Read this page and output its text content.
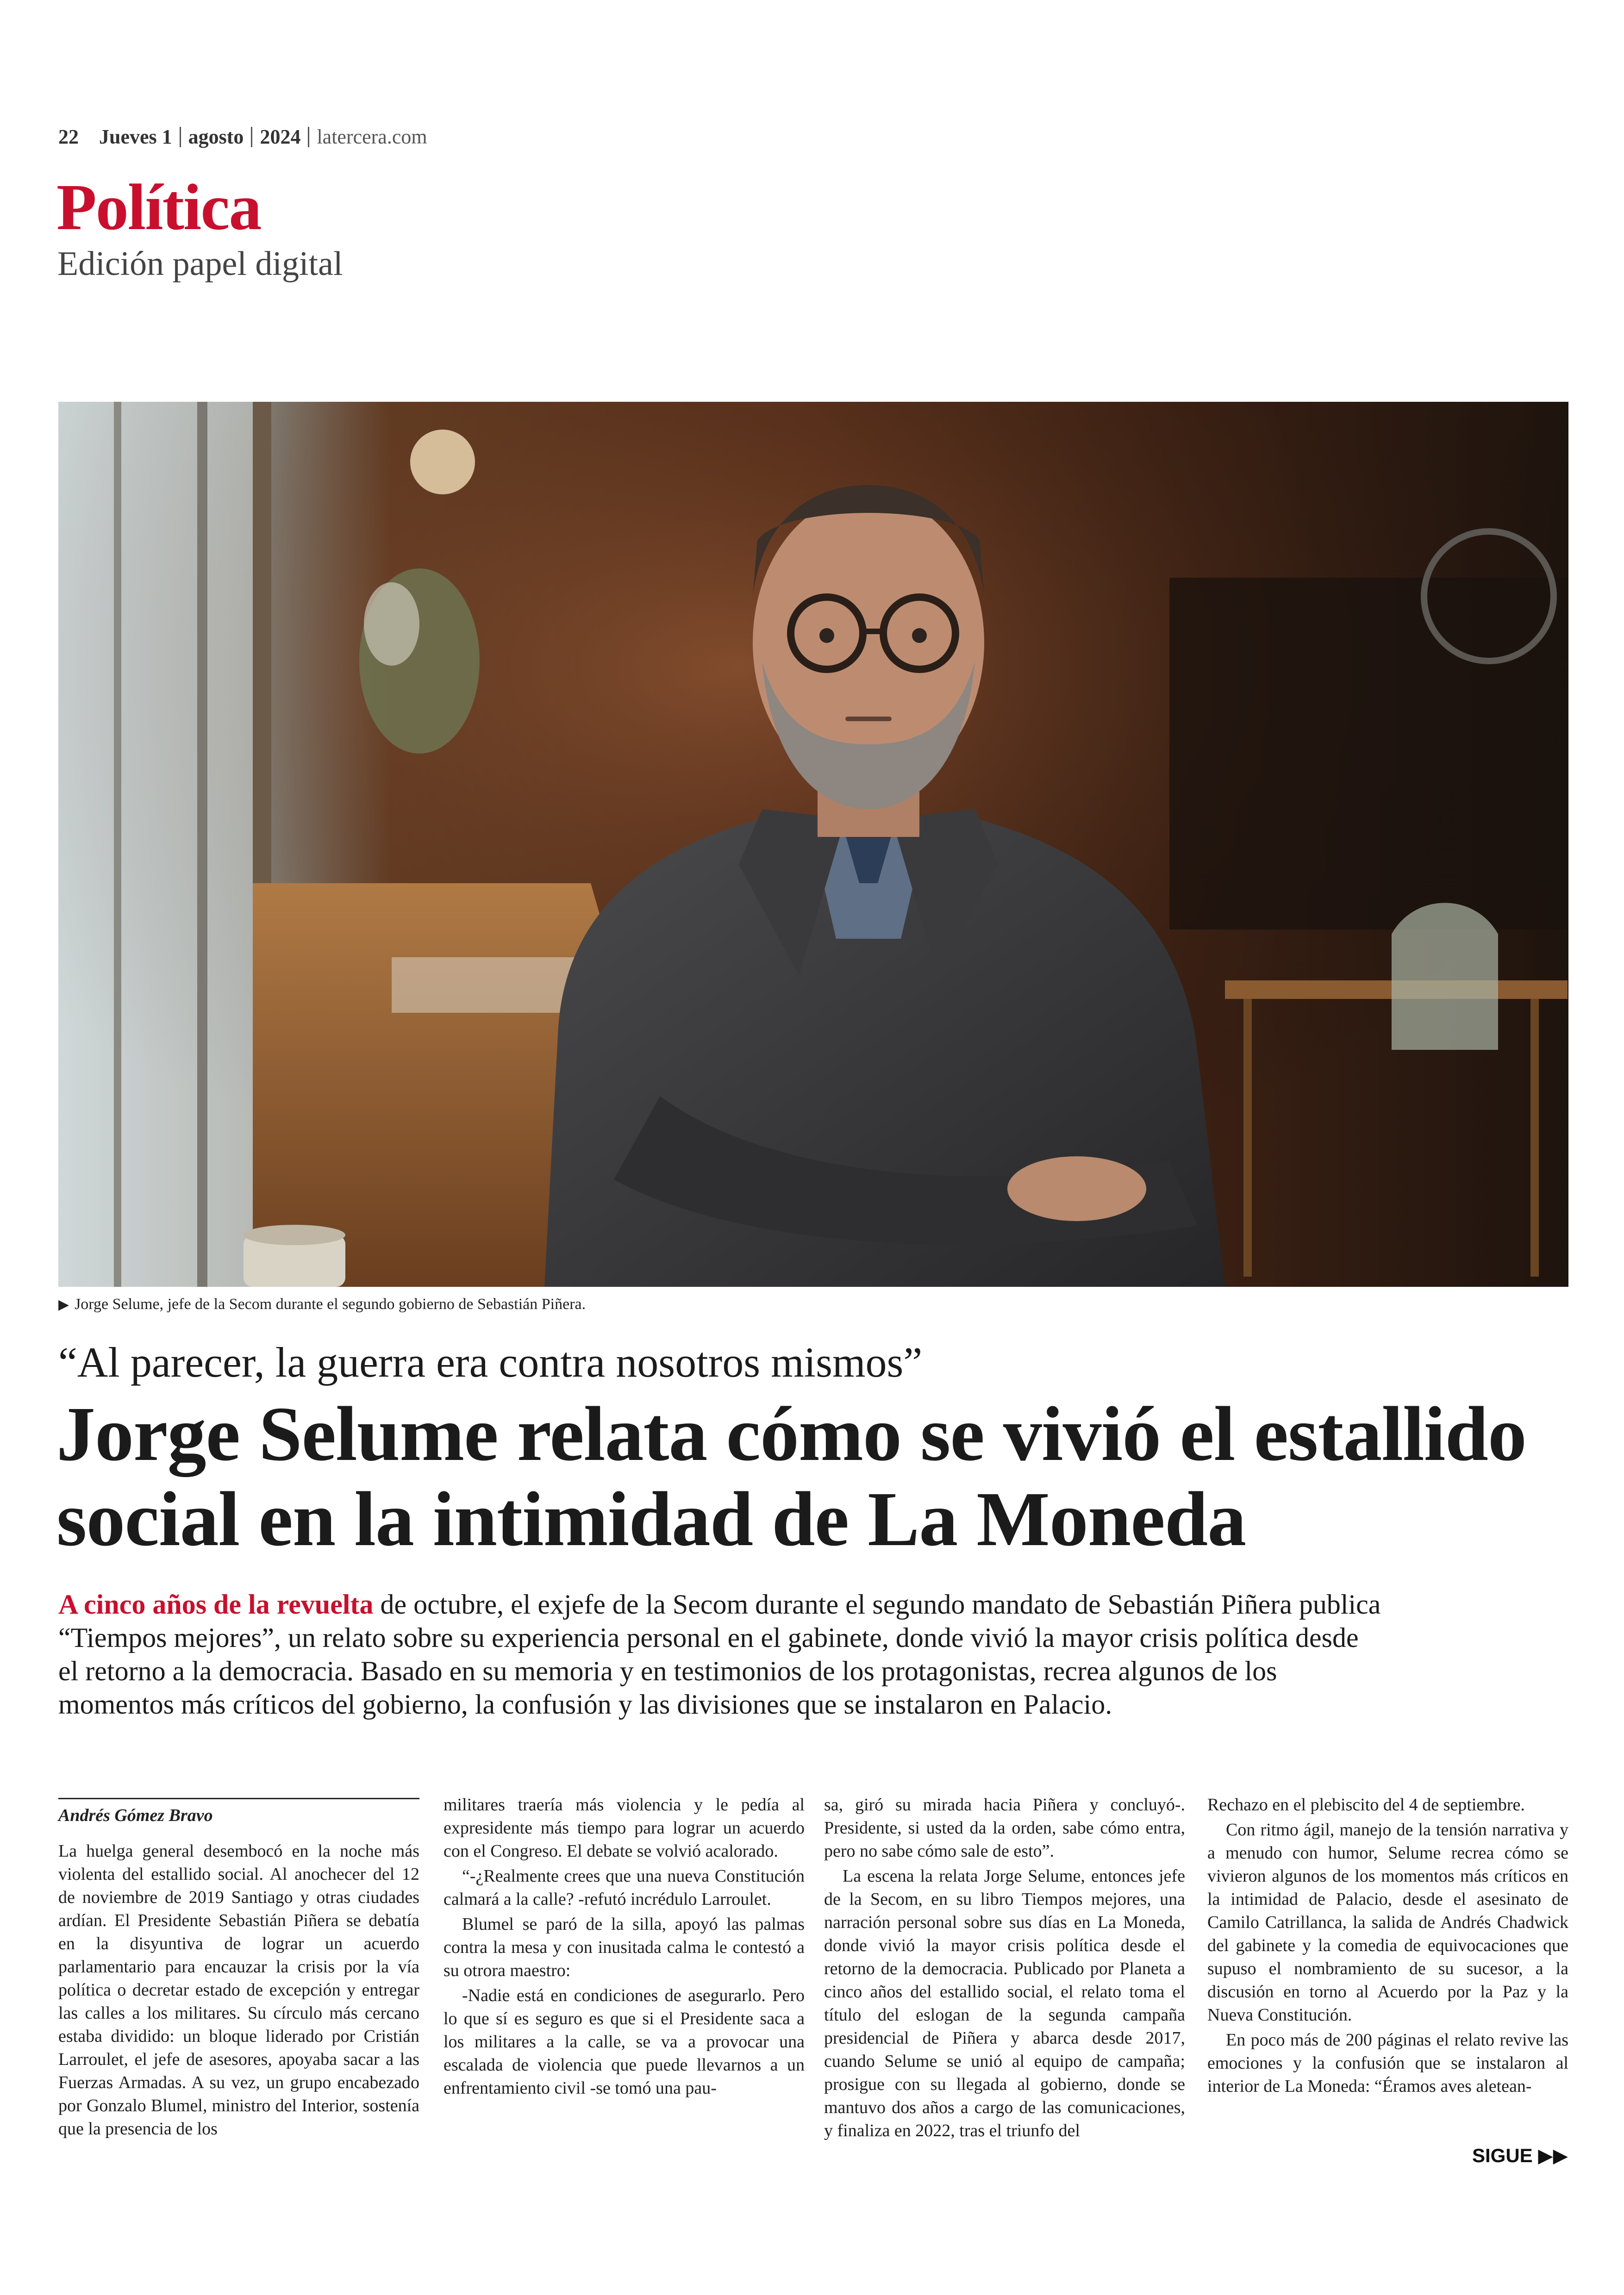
22 Jueves 1 agosto 2024 latercera.com
Política
Edición papel digital
▶ Jorge Selume, jefe de la Secom durante el segundo gobierno de Sebastián Piñera.
“Al parecer, la guerra era contra nosotros mismos”
Jorge Selume relata cómo se vivió el estallido
social en la intimidad de La Moneda
A cinco años de la revuelta de octubre, el exjefe de la Secom durante el segundo mandato de Sebastián Piñera publica “Tiempos mejores”, un relato sobre su experiencia personal en el gabinete, donde vivió la mayor crisis política desde el retorno a la democracia. Basado en su memoria y en testimonios de los protagonistas, recrea algunos de los momentos más críticos del gobierno, la confusión y las divisiones que se instalaron en Palacio.
Andrés Gómez Bravo

La huelga general desembocó en la noche más violenta del estallido social. Al anochecer del 12 de noviembre de 2019 Santiago y otras ciudades ardían. El Presidente Sebastián Piñera se debatía en la disyuntiva de lograr un acuerdo parlamentario para encauzar la crisis por la vía política o decretar estado de excepción y entregar las calles a los militares. Su círculo más cercano estaba dividido: un bloque liderado por Cristián Larroulet, el jefe de asesores, apoyaba sacar a las Fuerzas Armadas. A su vez, un grupo encabezado por Gonzalo Blumel, ministro del Interior, sostenía que la presencia de los

militares traería más violencia y le pedía al expresidente más tiempo para lograr un acuerdo con el Congreso. El debate se volvió acalorado.

“-¿Realmente crees que una nueva Constitución calmará a la calle? -refutó incrédulo Larroulet.

Blumel se paró de la silla, apoyó las palmas contra la mesa y con inusitada calma le contestó a su otrora maestro:

-Nadie está en condiciones de asegurarlo. Pero lo que sí es seguro es que si el Presidente saca a los militares a la calle, se va a provocar una escalada de violencia que puede llevarnos a un enfrentamiento civil -se tomó una pau-

sa, giró su mirada hacia Piñera y concluyó-. Presidente, si usted da la orden, sabe cómo entra, pero no sabe cómo sale de esto”.

La escena la relata Jorge Selume, entonces jefe de la Secom, en su libro Tiempos mejores, una narración personal sobre sus días en La Moneda, donde vivió la mayor crisis política desde el retorno de la democracia. Publicado por Planeta a cinco años del estallido social, el relato toma el título del eslogan de la segunda campaña presidencial de Piñera y abarca desde 2017, cuando Selume se unió al equipo de campaña; prosigue con su llegada al gobierno, donde se mantuvo dos años a cargo de las comunicaciones, y finaliza en 2022, tras el triunfo del

Rechazo en el plebiscito del 4 de septiembre.

Con ritmo ágil, manejo de la tensión narrativa y a menudo con humor, Selume recrea cómo se vivieron algunos de los momentos más críticos en la intimidad de Palacio, desde el asesinato de Camilo Catrillanca, la salida de Andrés Chadwick del gabinete y la comedia de equivocaciones que supuso el nombramiento de su sucesor, a la discusión en torno al Acuerdo por la Paz y la Nueva Constitución.

En poco más de 200 páginas el relato revive las emociones y la confusión que se instalaron al interior de La Moneda: “Éramos aves aletean-

SIGUE ▶▶
